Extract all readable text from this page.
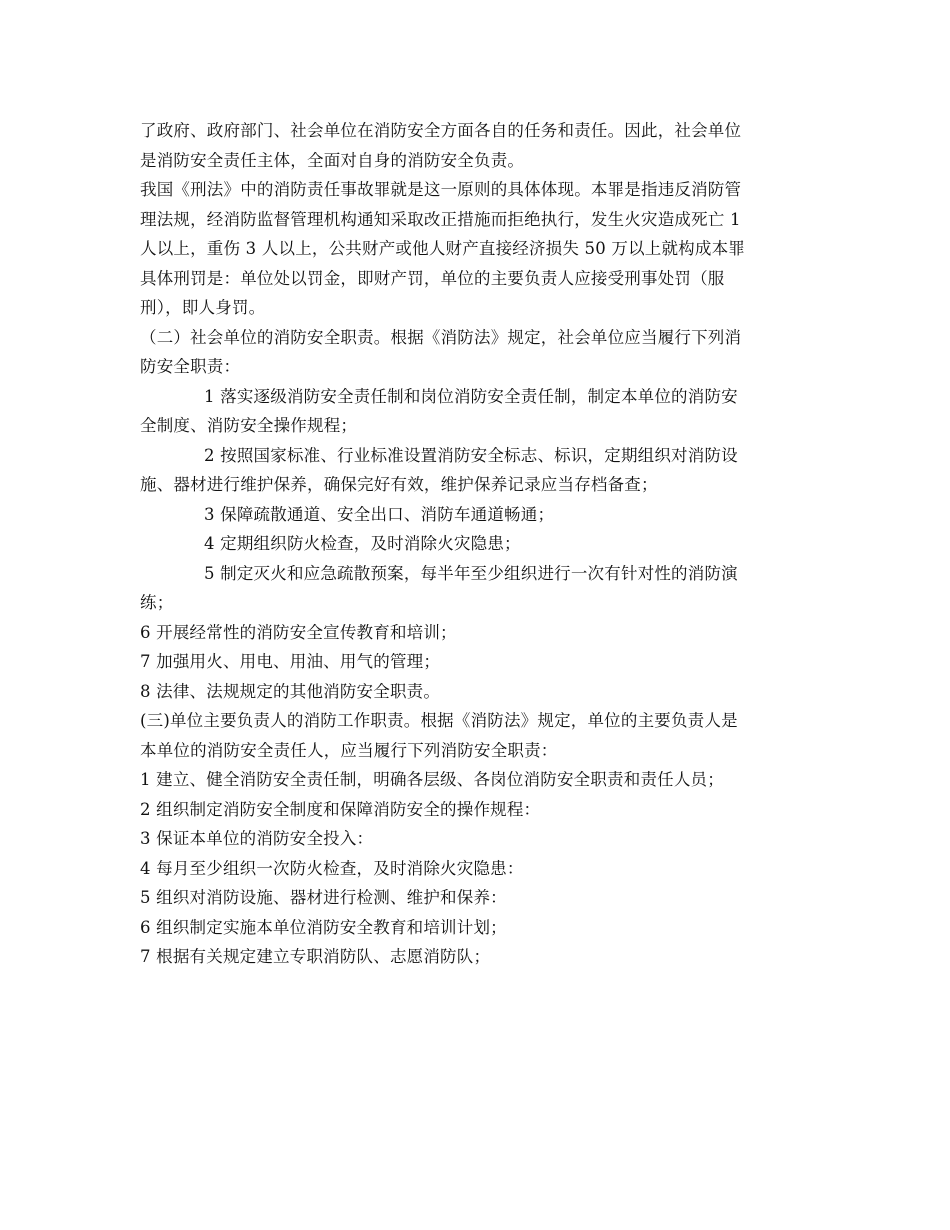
了政府、政府部门、社会单位在消防安全方面各自的任务和责任。因此，社会单位
是消防安全责任主体，全面对自身的消防安全负责。
我国《刑法》中的消防责任事故罪就是这一原则的具体体现。本罪是指违反消防管
理法规，经消防监督管理机构通知采取改正措施而拒绝执行，发生火灾造成死亡 1
人以上，重伤 3 人以上，公共财产或他人财产直接经济损失 50 万以上就构成本罪
具体刑罚是：单位处以罚金，即财产罚，单位的主要负责人应接受刑事处罚（服
刑），即人身罚。
（二）社会单位的消防安全职责。根据《消防法》规定，社会单位应当履行下列消
防安全职责：
1 落实逐级消防安全责任制和岗位消防安全责任制，制定本单位的消防安
全制度、消防安全操作规程；
2 按照国家标准、行业标准设置消防安全标志、标识，定期组织对消防设
施、器材进行维护保养，确保完好有效，维护保养记录应当存档备查；
3 保障疏散通道、安全出口、消防车通道畅通；
4 定期组织防火检查，及时消除火灾隐患；
5 制定灭火和应急疏散预案，每半年至少组织进行一次有针对性的消防演
练；
6 开展经常性的消防安全宣传教育和培训；
7 加强用火、用电、用油、用气的管理；
8 法律、法规规定的其他消防安全职责。
(三)单位主要负责人的消防工作职责。根据《消防法》规定，单位的主要负责人是
本单位的消防安全责任人，应当履行下列消防安全职责：
1 建立、健全消防安全责任制，明确各层级、各岗位消防安全职责和责任人员；
2 组织制定消防安全制度和保障消防安全的操作规程：
3 保证本单位的消防安全投入：
4 每月至少组织一次防火检查，及时消除火灾隐患：
5 组织对消防设施、器材进行检测、维护和保养：
6 组织制定实施本单位消防安全教育和培训计划；
7 根据有关规定建立专职消防队、志愿消防队；
